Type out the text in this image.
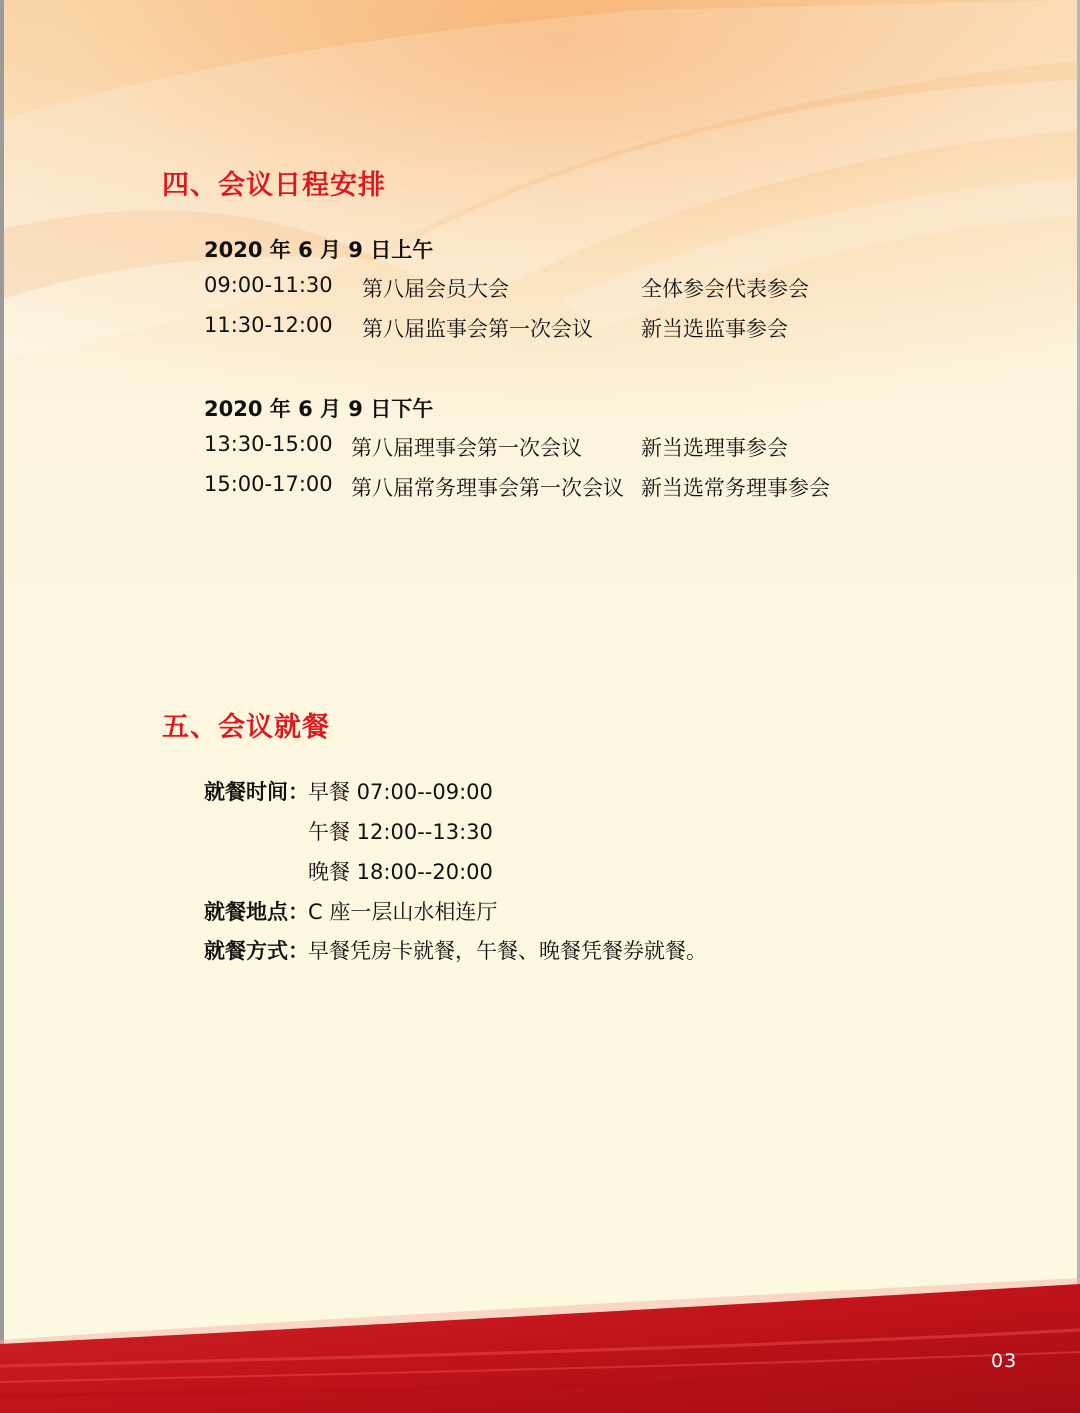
四、会议日程安排
2020 年 6 月 9 日上午
09:00-11:30 第八届会员大会	全体参会代表参会
11:30-12:00 第八届监事会第一次会议 新当选监事参会
2020 年 6 月 9 日下午
13:30-15:00 第八届理事会第一次会议	新当选理事参会
15:00-17:00 第八届常务理事会第一次会议 新当选常务理事参会
五、会议就餐
就餐时间： 早餐 07:00--09:00
午餐 12:00--13:30
晚餐 18:00--20:00
就餐地点： C 座一层山水相连厅
就餐方式： 早餐凭房卡就餐，午餐、晚餐凭餐券就餐。
03
